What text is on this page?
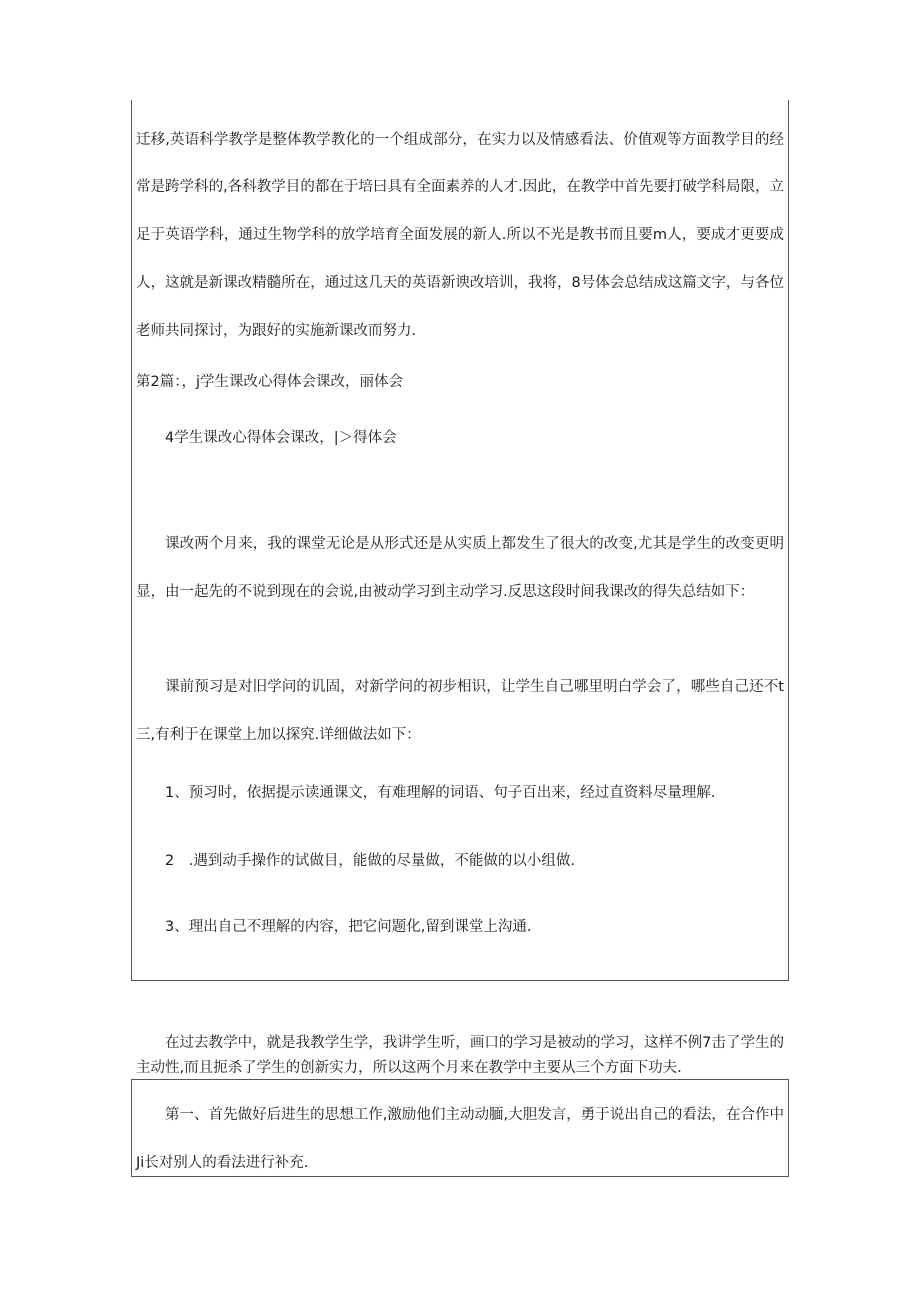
迁移,英语科学教学是整体教学教化的一个组成部分，在实力以及情感看法、价值观等方面教学目的经
常是跨学科的,各科教学目的都在于培曰具有全面素养的人才.因此，在教学中首先要打破学科局限，立
足于英语学科，通过生物学科的放学培育全面发展的新人.所以不光是教书而且要m人，要成才更要成
人，这就是新课改精髓所在，通过这几天的英语新谀改培训，我将，8号体会总结成这篇文字，与各位
老师共同探讨，为跟好的实施新课改而努力.
第2篇：，j学生课改心得体会课改，丽体会
4学生课改心得体会课改，|＞得体会
课改两个月来，我的课堂无论是从形式还是从实质上都发生了很大的改变,尤其是学生的改变更明
显，由一起先的不说到现在的会说,由被动学习到主动学习.反思这段时间我课改的得失总结如下：
课前预习是对旧学问的讥固，对新学问的初步相识，让学生自己哪里明白学会了，哪些自己还不t
三,有利于在课堂上加以探究.详细做法如下：
1、预习时，依据提示读通课文，有难理解的词语、句子百出来，经过直资料尽量理解.
2　.遇到动手操作的试做目，能做的尽量做，不能做的以小组做.
3、理出自己不理解的内容，把它问题化,留到课堂上沟通.
在过去教学中，就是我教学生学，我讲学生听，画口的学习是被动的学习，这样不例7击了学生的
主动性,而且扼杀了学生的创新实力，所以这两个月来在教学中主要从三个方面下功夫.
第一、首先做好后进生的思想工作,激励他们主动动腼,大胆发言，勇于说出自己的看法，在合作中
Ji长对别人的看法进行补充.
